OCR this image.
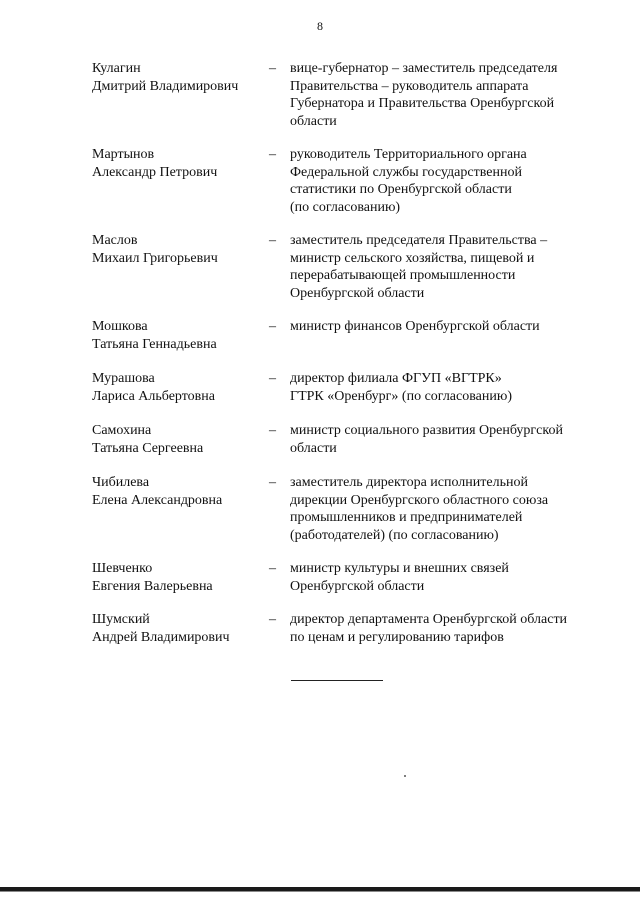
8
Кулагин
Дмитрий Владимирович
–	вице-губернатор – заместитель председателя
Правительства – руководитель аппарата
Губернатора и Правительства Оренбургской
области
Мартынов
Александр Петрович
–	руководитель Территориального органа
Федеральной службы государственной
статистики по Оренбургской области
(по согласованию)
Маслов
Михаил Григорьевич
–	заместитель председателя Правительства –
министр сельского хозяйства, пищевой и
перерабатывающей промышленности
Оренбургской области
Мошкова
Татьяна Геннадьевна
–	министр финансов Оренбургской области
Мурашова
Лариса Альбертовна
–	директор филиала ФГУП «ВГТРК»
ГТРК «Оренбург» (по согласованию)
Самохина
Татьяна Сергеевна
–	министр социального развития Оренбургской
области
Чибилева
Елена Александровна
–	заместитель директора исполнительной
дирекции Оренбургского областного союза
промышленников и предпринимателей
(работодателей) (по согласованию)
Шевченко
Евгения Валерьевна
–	министр культуры и внешних связей
Оренбургской области
Шумский
Андрей Владимирович
–	директор департамента Оренбургской области
по ценам и регулированию тарифов
